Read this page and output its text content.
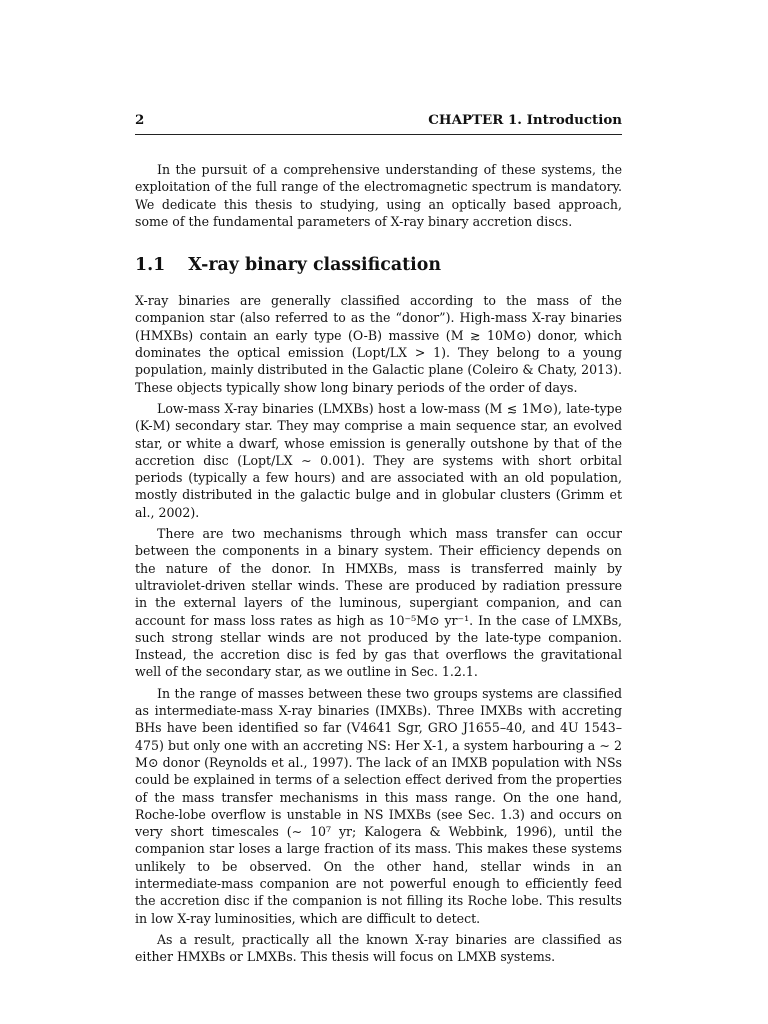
2	CHAPTER 1. Introduction

In the pursuit of a comprehensive understanding of these systems, the exploitation of the full range of the electromagnetic spectrum is mandatory. We dedicate this thesis to studying, using an optically based approach, some of the fundamental parameters of X-ray binary accretion discs.

1.1 X-ray binary classification

X-ray binaries are generally classified according to the mass of the companion star (also referred to as the “donor”). High-mass X-ray binaries (HMXBs) contain an early type (O-B) massive (M ≳ 10M⊙) donor, which dominates the optical emission (Lopt/LX > 1). They belong to a young population, mainly distributed in the Galactic plane (Coleiro & Chaty, 2013). These objects typically show long binary periods of the order of days.

Low-mass X-ray binaries (LMXBs) host a low-mass (M ≲ 1M⊙), late-type (K-M) secondary star. They may comprise a main sequence star, an evolved star, or white a dwarf, whose emission is generally outshone by that of the accretion disc (Lopt/LX ∼ 0.001). They are systems with short orbital periods (typically a few hours) and are associated with an old population, mostly distributed in the galactic bulge and in globular clusters (Grimm et al., 2002).

There are two mechanisms through which mass transfer can occur between the components in a binary system. Their efficiency depends on the nature of the donor. In HMXBs, mass is transferred mainly by ultraviolet-driven stellar winds. These are produced by radiation pressure in the external layers of the luminous, supergiant companion, and can account for mass loss rates as high as 10⁻⁵M⊙ yr⁻¹. In the case of LMXBs, such strong stellar winds are not produced by the late-type companion. Instead, the accretion disc is fed by gas that overflows the gravitational well of the secondary star, as we outline in Sec. 1.2.1.

In the range of masses between these two groups systems are classified as intermediate-mass X-ray binaries (IMXBs). Three IMXBs with accreting BHs have been identified so far (V4641 Sgr, GRO J1655–40, and 4U 1543–475) but only one with an accreting NS: Her X-1, a system harbouring a ∼ 2 M⊙ donor (Reynolds et al., 1997). The lack of an IMXB population with NSs could be explained in terms of a selection effect derived from the properties of the mass transfer mechanisms in this mass range. On the one hand, Roche-lobe overflow is unstable in NS IMXBs (see Sec. 1.3) and occurs on very short timescales (∼ 10⁷ yr; Kalogera & Webbink, 1996), until the companion star loses a large fraction of its mass. This makes these systems unlikely to be observed. On the other hand, stellar winds in an intermediate-mass companion are not powerful enough to efficiently feed the accretion disc if the companion is not filling its Roche lobe. This results in low X-ray luminosities, which are difficult to detect.

As a result, practically all the known X-ray binaries are classified as either HMXBs or LMXBs. This thesis will focus on LMXB systems.
